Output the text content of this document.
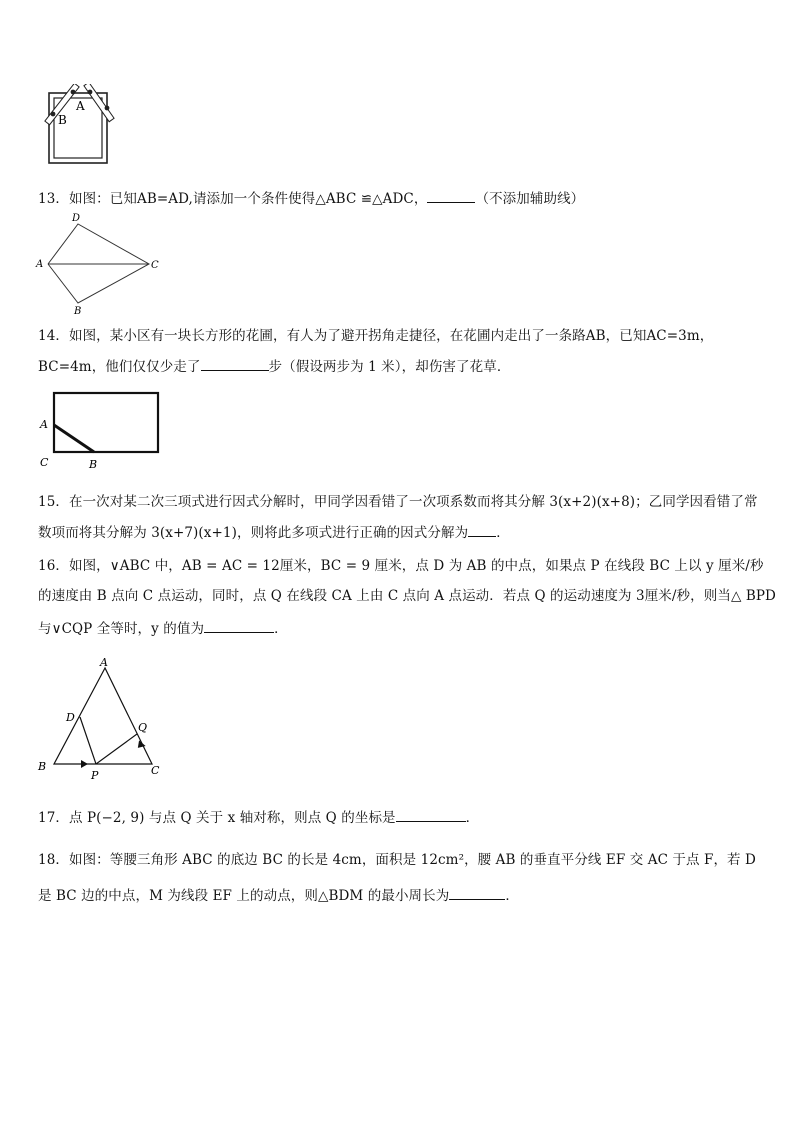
A
B
13．如图：已知AB=AD,请添加一个条件使得△ABC ≌△ADC，	（不添加辅助线）
D
A	C
B
14．如图，某小区有一块长方形的花圃，有人为了避开拐角走捷径，在花圃内走出了一条路AB，已知AC=3m，
BC=4m，他们仅仅少走了	步（假设两步为 1 米），却伤害了花草．
A
C	B
15．在一次对某二次三项式进行因式分解时，甲同学因看错了一次项系数而将其分解 3(x+2)(x+8)；乙同学因看错了常
数项而将其分解为 3(x+7)(x+1)，则将此多项式进行正确的因式分解为 ．
16．如图，∨ABC 中，AB = AC = 12厘米，BC = 9 厘米，点 D 为 AB 的中点，如果点 P 在线段 BC 上以 y 厘米/秒
的速度由 B 点向 C 点运动，同时，点 Q 在线段 CA 上由 C 点向 A 点运动．若点 Q 的运动速度为 3厘米/秒，则当△ BPD
与∨CQP 全等时，y 的值为	．
A
D
Q
B
P	C
17．点 P(−2, 9) 与点 Q 关于 x 轴对称，则点 Q 的坐标是	．
18．如图：等腰三角形 ABC 的底边 BC 的长是 4cm，面积是 12cm²，腰 AB 的垂直平分线 EF 交 AC 于点 F，若 D
是 BC 边的中点，M 为线段 EF 上的动点，则△BDM 的最小周长为	．
